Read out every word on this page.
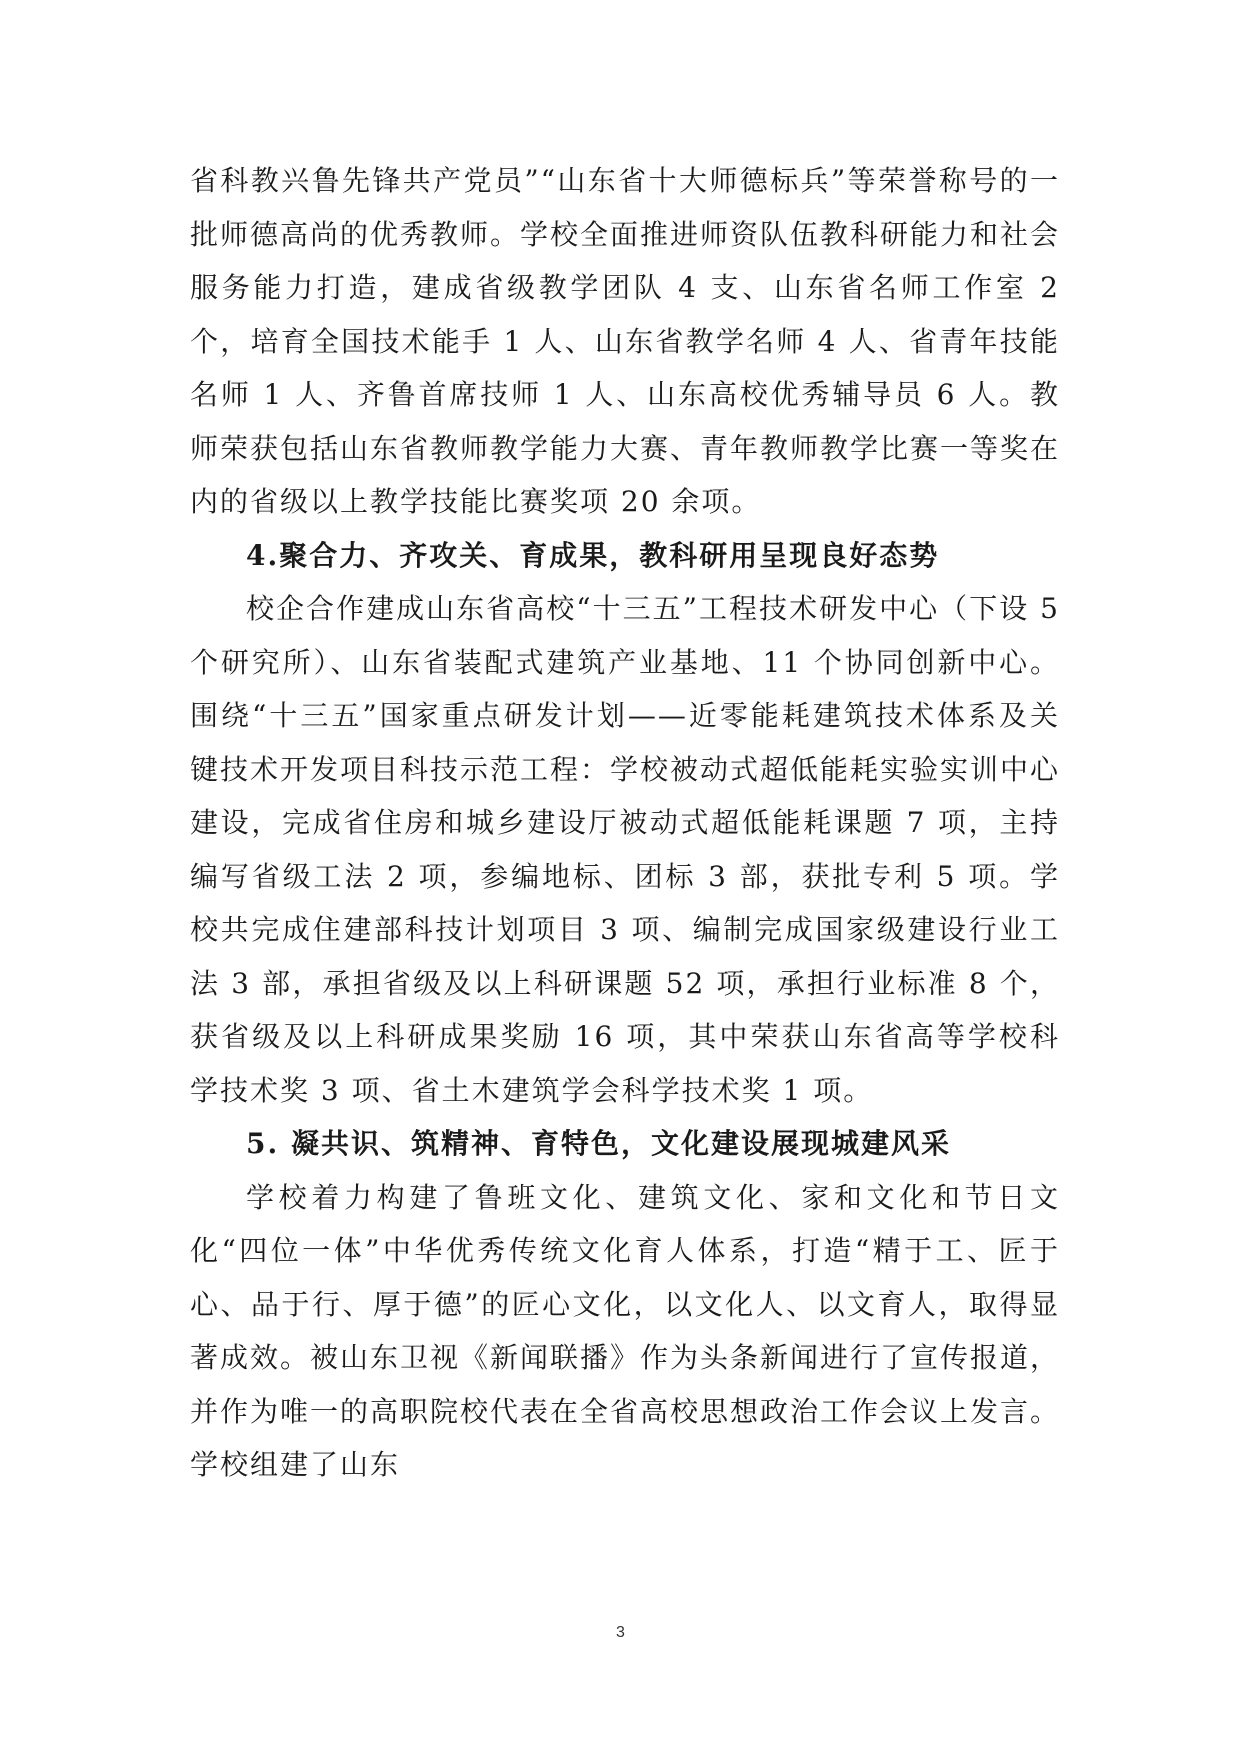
省科教兴鲁先锋共产党员”“山东省十大师德标兵”等荣誉称号的一批师德高尚的优秀教师。学校全面推进师资队伍教科研能力和社会服务能力打造，建成省级教学团队 4 支、山东省名师工作室 2 个，培育全国技术能手 1 人、山东省教学名师 4 人、省青年技能名师 1 人、齐鲁首席技师 1 人、山东高校优秀辅导员 6 人。教师荣获包括山东省教师教学能力大赛、青年教师教学比赛一等奖在内的省级以上教学技能比赛奖项 20 余项。

4.聚合力、齐攻关、育成果，教科研用呈现良好态势

校企合作建成山东省高校“十三五”工程技术研发中心（下设 5 个研究所）、山东省装配式建筑产业基地、11 个协同创新中心。围绕“十三五”国家重点研发计划——近零能耗建筑技术体系及关键技术开发项目科技示范工程：学校被动式超低能耗实验实训中心建设，完成省住房和城乡建设厅被动式超低能耗课题 7 项，主持编写省级工法 2 项，参编地标、团标 3 部，获批专利 5 项。学校共完成住建部科技计划项目 3 项、编制完成国家级建设行业工法 3 部，承担省级及以上科研课题 52 项，承担行业标准 8 个，获省级及以上科研成果奖励 16 项，其中荣获山东省高等学校科学技术奖 3 项、省土木建筑学会科学技术奖 1 项。

5. 凝共识、筑精神、育特色，文化建设展现城建风采

学校着力构建了鲁班文化、建筑文化、家和文化和节日文化“四位一体”中华优秀传统文化育人体系，打造“精于工、匠于心、品于行、厚于德”的匠心文化，以文化人、以文育人，取得显著成效。被山东卫视《新闻联播》作为头条新闻进行了宣传报道，并作为唯一的高职院校代表在全省高校思想政治工作会议上发言。学校组建了山东

3
